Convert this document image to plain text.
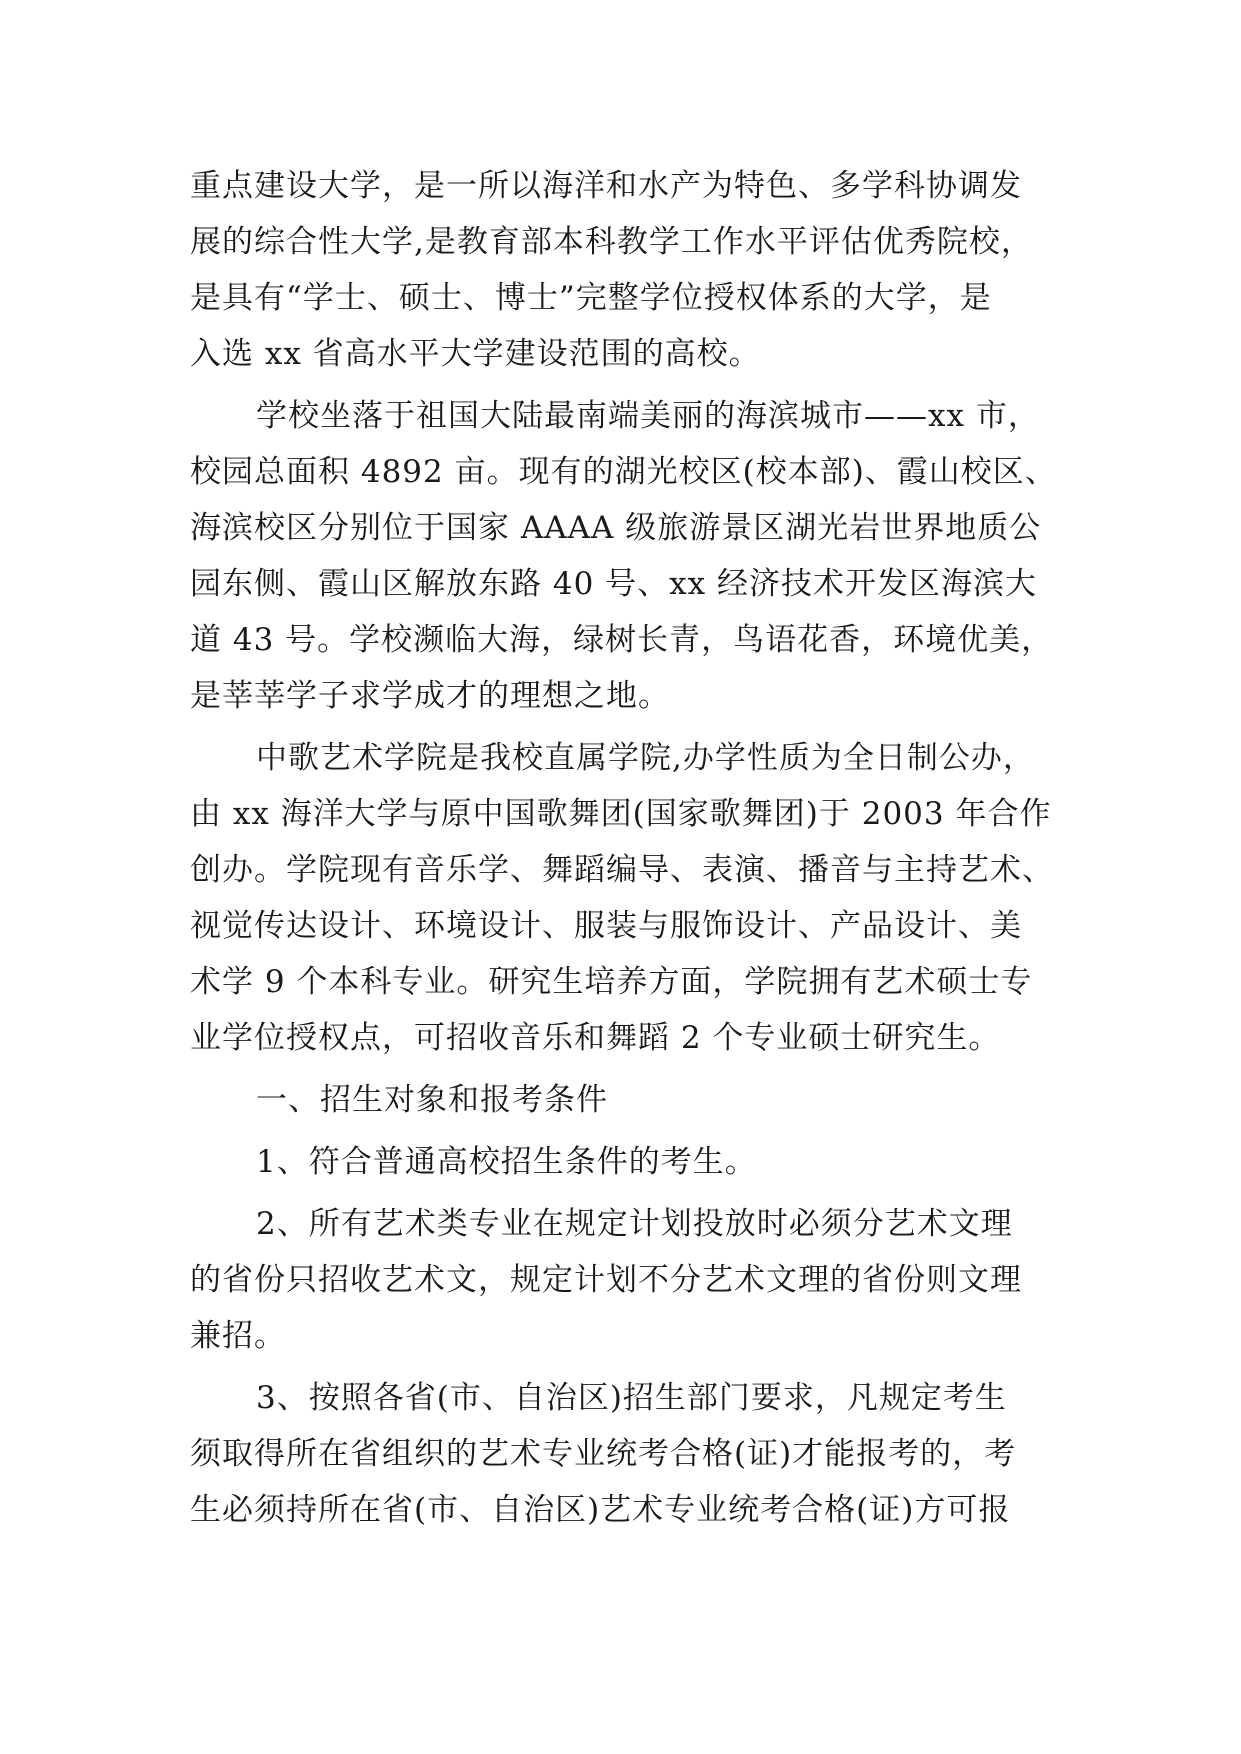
重点建设大学，是一所以海洋和水产为特色、多学科协调发
展的综合性大学,是教育部本科教学工作水平评估优秀院校，
是具有“学士、硕士、博士”完整学位授权体系的大学，是
入选 xx 省高水平大学建设范围的高校。
学校坐落于祖国大陆最南端美丽的海滨城市——xx 市，
校园总面积 4892 亩。现有的湖光校区(校本部)、霞山校区、
海滨校区分别位于国家 AAAA 级旅游景区湖光岩世界地质公
园东侧、霞山区解放东路 40 号、xx 经济技术开发区海滨大
道 43 号。学校濒临大海，绿树长青，鸟语花香，环境优美，
是莘莘学子求学成才的理想之地。
中歌艺术学院是我校直属学院,办学性质为全日制公办，
由 xx 海洋大学与原中国歌舞团(国家歌舞团)于 2003 年合作
创办。学院现有音乐学、舞蹈编导、表演、播音与主持艺术、
视觉传达设计、环境设计、服装与服饰设计、产品设计、美
术学 9 个本科专业。研究生培养方面，学院拥有艺术硕士专
业学位授权点，可招收音乐和舞蹈 2 个专业硕士研究生。
一、招生对象和报考条件
1、符合普通高校招生条件的考生。
2、所有艺术类专业在规定计划投放时必须分艺术文理
的省份只招收艺术文，规定计划不分艺术文理的省份则文理
兼招。
3、按照各省(市、自治区)招生部门要求，凡规定考生
须取得所在省组织的艺术专业统考合格(证)才能报考的，考
生必须持所在省(市、自治区)艺术专业统考合格(证)方可报
